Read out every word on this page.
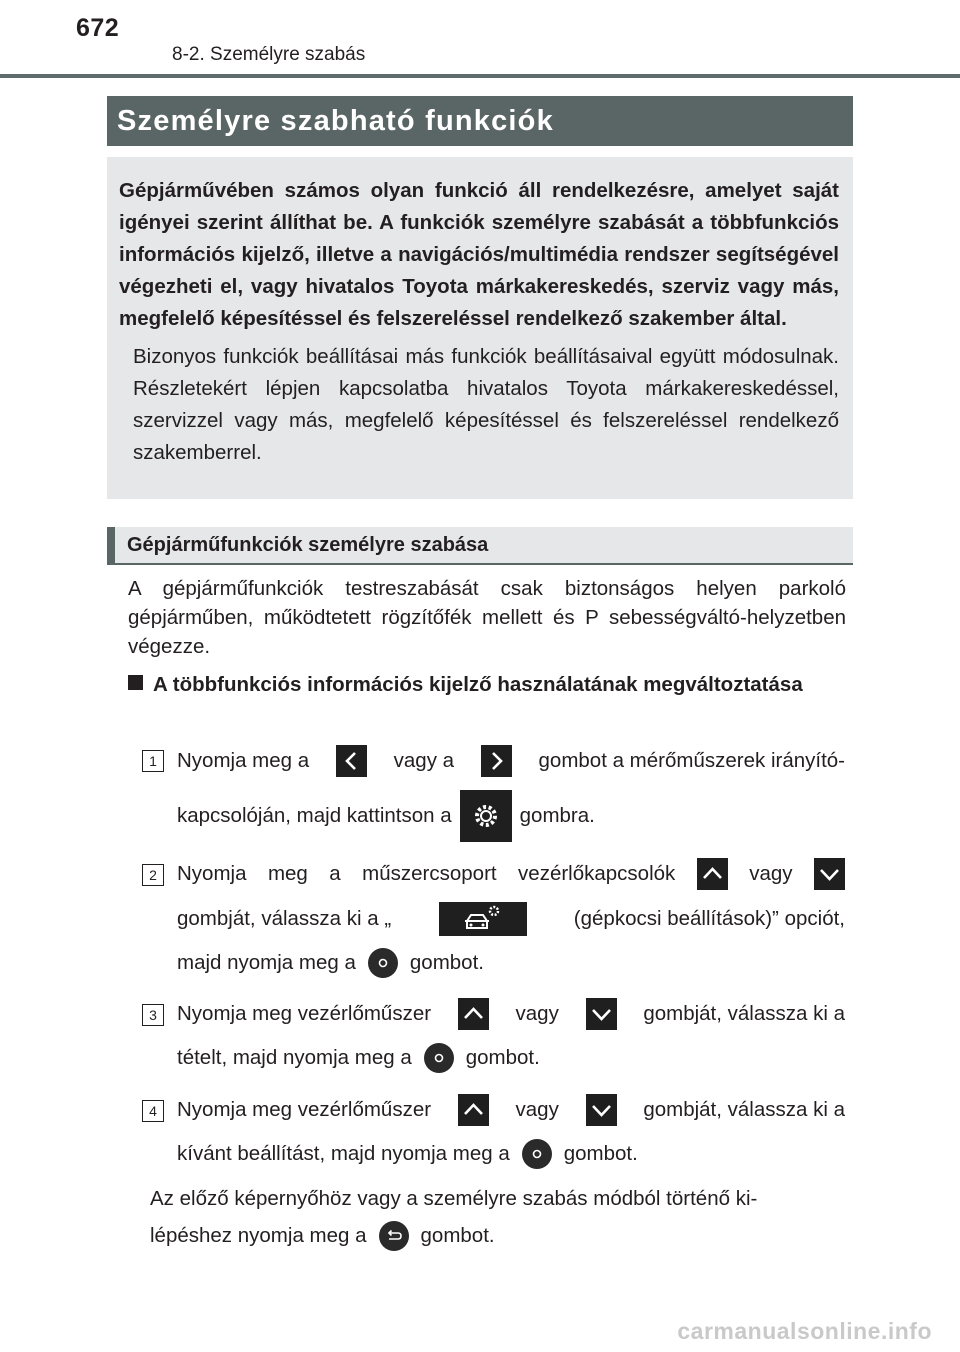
672
8-2. Személyre szabás
Személyre szabható funkciók

Gépjárművében számos olyan funkció áll rendelkezésre, amelyet saját igényei szerint állíthat be. A funkciók személyre szabását a többfunkciós információs kijelző, illetve a navigációs/multimédia rendszer segítségével végezheti el, vagy hivatalos Toyota márkakereskedés, szerviz vagy más, megfelelő képesítéssel és felszereléssel rendelkező szakember által.

Bizonyos funkciók beállításai más funkciók beállításaival együtt módosulnak. Részletekért lépjen kapcsolatba hivatalos Toyota márkakereskedéssel, szervizzel vagy más, megfelelő képesítéssel és felszereléssel rendelkező szakemberrel.

Gépjárműfunkciók személyre szabása

A gépjárműfunkciók testreszabását csak biztonságos helyen parkoló gépjárműben, működtetett rögzítőfék mellett és P sebességváltó-helyzetben végezze.

A többfunkciós információs kijelző használatának megváltoztatása
1 Nyomja meg a	vagy a	gombot a mérőműszerek irányító-
kapcsolóján, majd kattintson a	gombra.
2 Nyomja meg a műszercsoport vezérlőkapcsolók	vagy
gombját, válassza ki a „	(gépkocsi beállítások)” opciót,
majd nyomja meg a	gombot.
3 Nyomja meg vezérlőműszer	vagy	gombját, válassza ki a
tételt, majd nyomja meg a	gombot.
4 Nyomja meg vezérlőműszer	vagy	gombját, válassza ki a
kívánt beállítást, majd nyomja meg a	gombot.
Az előző képernyőhöz vagy a személyre szabás módból történő ki-
lépéshez nyomja meg a	gombot.
carmanualsonline.info
